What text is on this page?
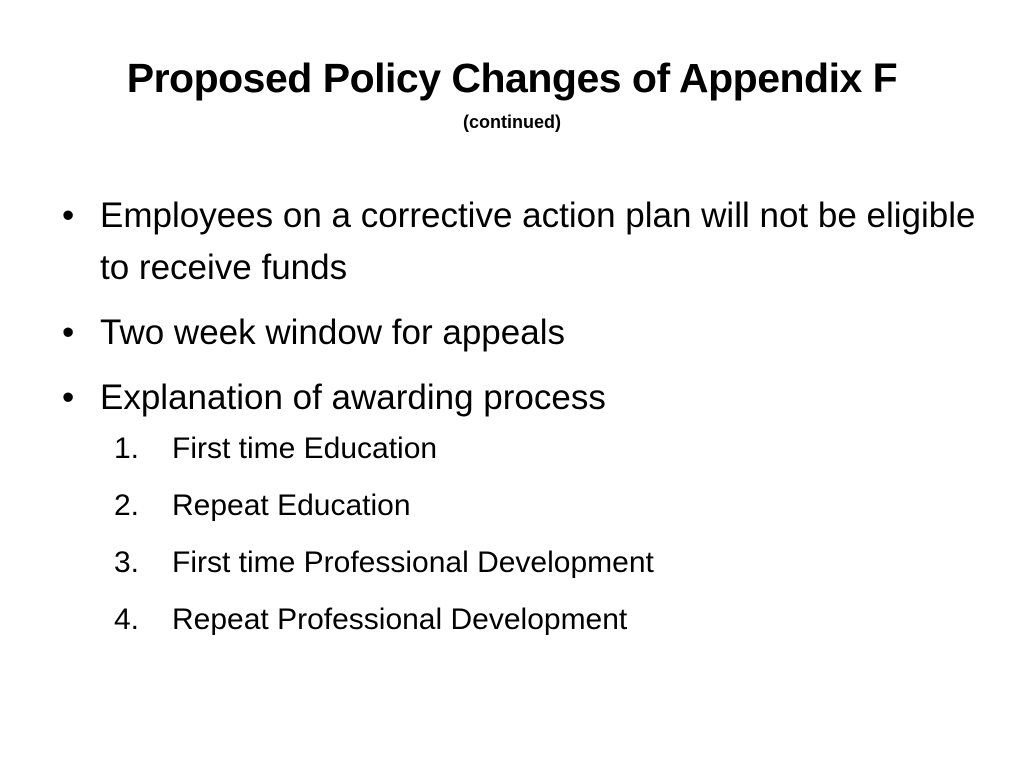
Proposed Policy Changes of Appendix F
(continued)
• Employees on a corrective action plan will not be eligible to receive funds
• Two week window for appeals
• Explanation of awarding process
1.	First time Education
2.	Repeat Education
3.	First time Professional Development
4.	Repeat Professional Development
